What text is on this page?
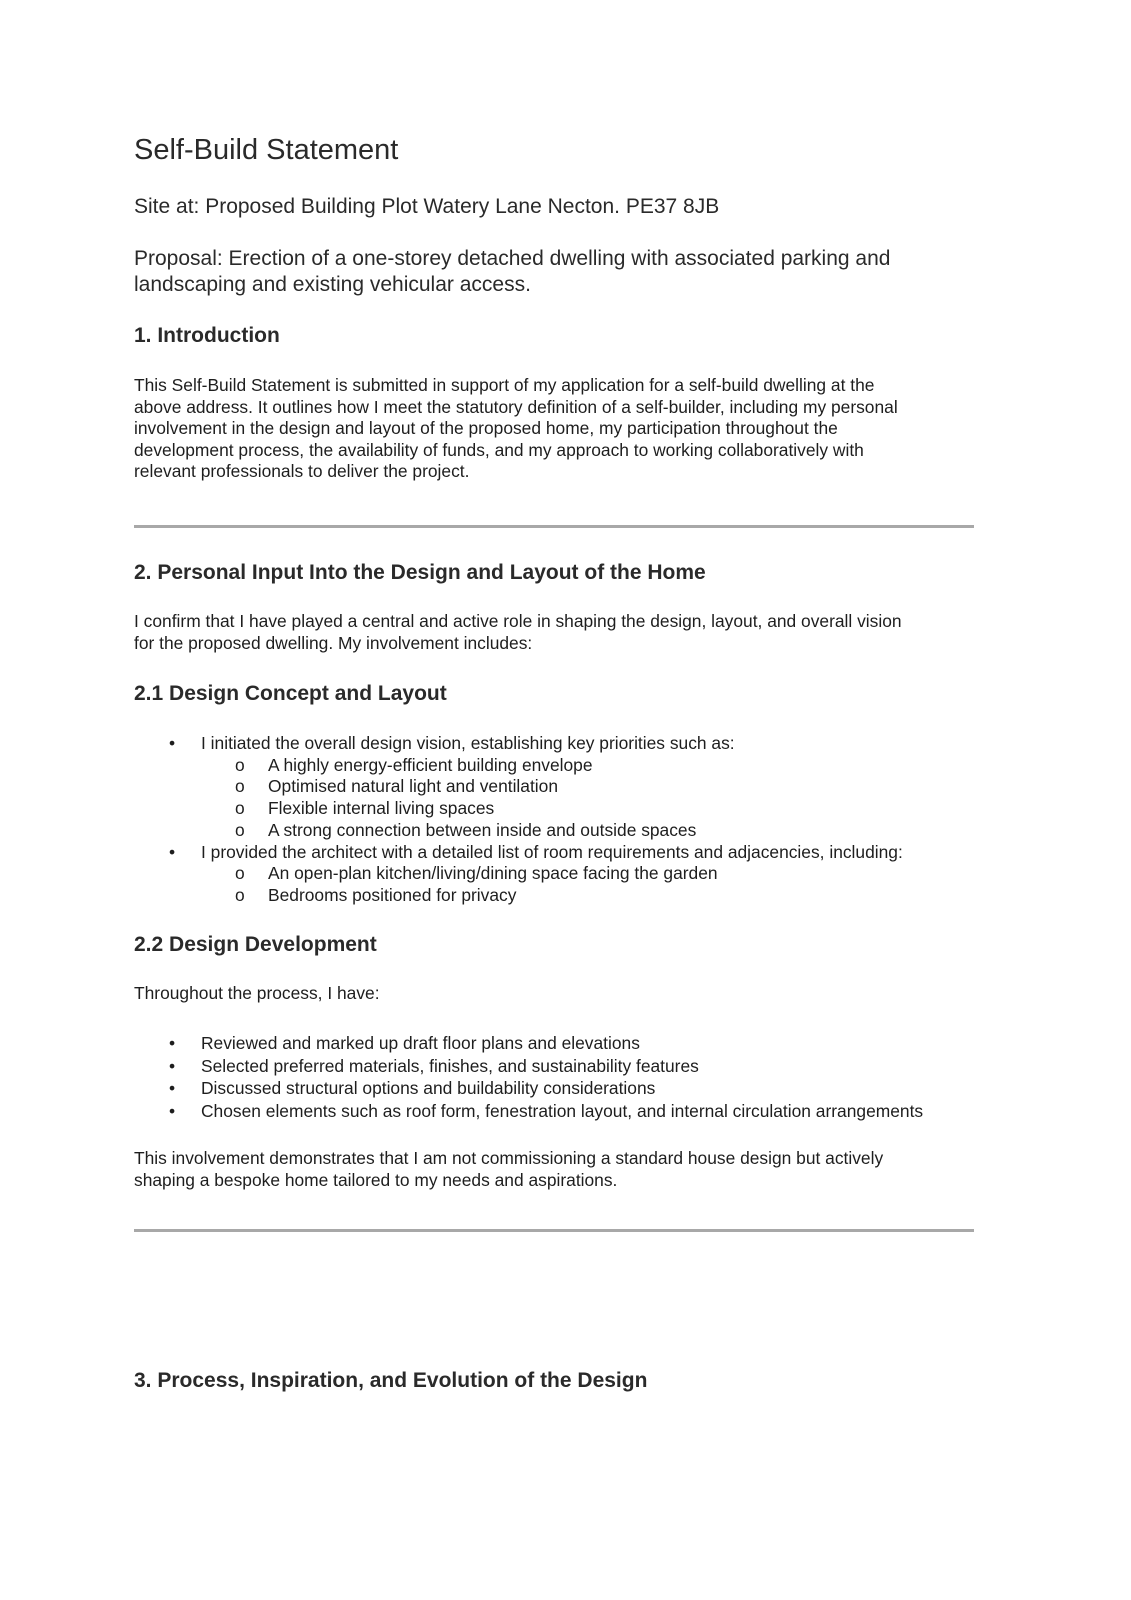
Self-Build Statement
Site at: Proposed Building Plot Watery Lane Necton. PE37 8JB
Proposal: Erection of a one-storey detached dwelling with associated parking and
landscaping and existing vehicular access.
1. Introduction
This Self-Build Statement is submitted in support of my application for a self-build dwelling at the
above address. It outlines how I meet the statutory definition of a self-builder, including my personal
involvement in the design and layout of the proposed home, my participation throughout the
development process, the availability of funds, and my approach to working collaboratively with
relevant professionals to deliver the project.
2. Personal Input Into the Design and Layout of the Home
I confirm that I have played a central and active role in shaping the design, layout, and overall vision
for the proposed dwelling. My involvement includes:
2.1 Design Concept and Layout
• I initiated the overall design vision, establishing key priorities such as:
o A highly energy-efficient building envelope
o Optimised natural light and ventilation
o Flexible internal living spaces
o A strong connection between inside and outside spaces
• I provided the architect with a detailed list of room requirements and adjacencies, including:
o An open-plan kitchen/living/dining space facing the garden
o Bedrooms positioned for privacy
2.2 Design Development
Throughout the process, I have:
• Reviewed and marked up draft floor plans and elevations
• Selected preferred materials, finishes, and sustainability features
• Discussed structural options and buildability considerations
• Chosen elements such as roof form, fenestration layout, and internal circulation arrangements
This involvement demonstrates that I am not commissioning a standard house design but actively
shaping a bespoke home tailored to my needs and aspirations.
3. Process, Inspiration, and Evolution of the Design
